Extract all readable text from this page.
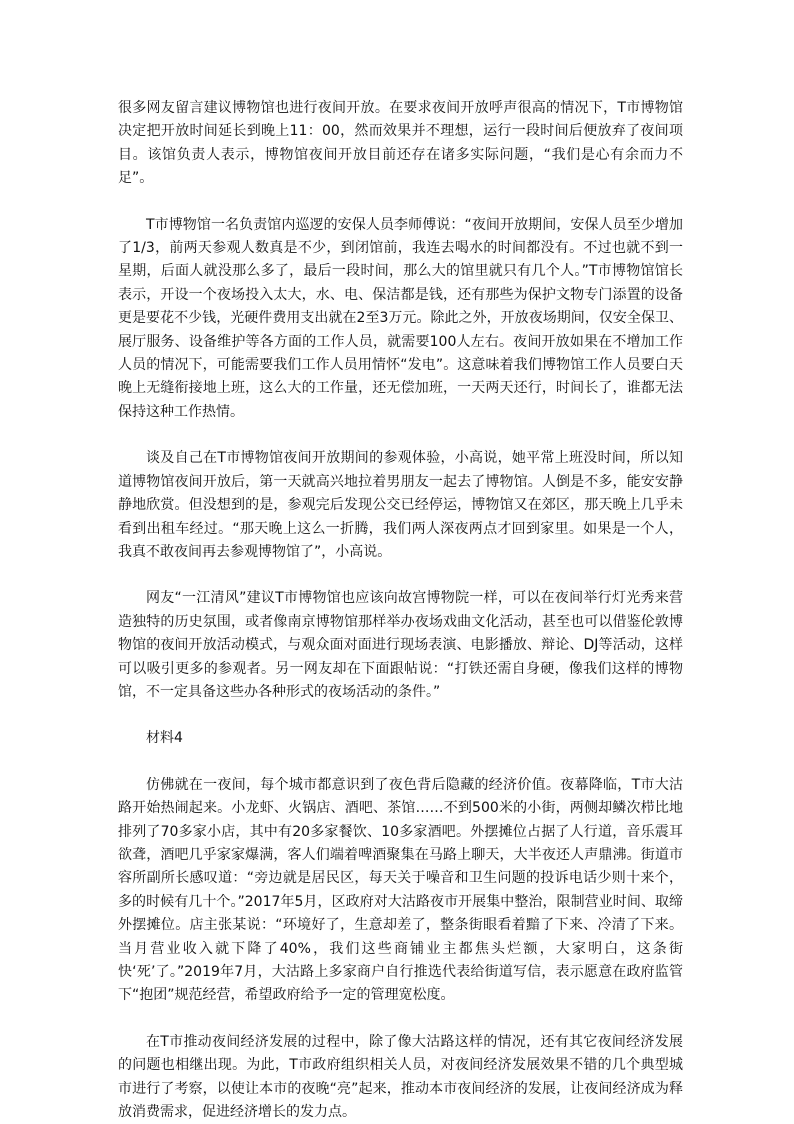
很多网友留言建议博物馆也进行夜间开放。在要求夜间开放呼声很高的情况下，T市博物馆决定把开放时间延长到晚上11：00，然而效果并不理想，运行一段时间后便放弃了夜间项目。该馆负责人表示，博物馆夜间开放目前还存在诸多实际问题，“我们是心有余而力不足”。

T市博物馆一名负责馆内巡逻的安保人员李师傅说：“夜间开放期间，安保人员至少增加了1/3，前两天参观人数真是不少，到闭馆前，我连去喝水的时间都没有。不过也就不到一星期，后面人就没那么多了，最后一段时间，那么大的馆里就只有几个人。”T市博物馆馆长表示，开设一个夜场投入太大，水、电、保洁都是钱，还有那些为保护文物专门添置的设备更是要花不少钱，光硬件费用支出就在2至3万元。除此之外，开放夜场期间，仅安全保卫、展厅服务、设备维护等各方面的工作人员，就需要100人左右。夜间开放如果在不增加工作人员的情况下，可能需要我们工作人员用情怀“发电”。这意味着我们博物馆工作人员要白天晚上无缝衔接地上班，这么大的工作量，还无偿加班，一天两天还行，时间长了，谁都无法保持这种工作热情。

谈及自己在T市博物馆夜间开放期间的参观体验，小高说，她平常上班没时间，所以知道博物馆夜间开放后，第一天就高兴地拉着男朋友一起去了博物馆。人倒是不多，能安安静静地欣赏。但没想到的是，参观完后发现公交已经停运，博物馆又在郊区，那天晚上几乎未看到出租车经过。“那天晚上这么一折腾，我们两人深夜两点才回到家里。如果是一个人，我真不敢夜间再去参观博物馆了”，小高说。

网友“一江清风”建议T市博物馆也应该向故宫博物院一样，可以在夜间举行灯光秀来营造独特的历史氛围，或者像南京博物馆那样举办夜场戏曲文化活动，甚至也可以借鉴伦敦博物馆的夜间开放活动模式，与观众面对面进行现场表演、电影播放、辩论、DJ等活动，这样可以吸引更多的参观者。另一网友却在下面跟帖说：“打铁还需自身硬，像我们这样的博物馆，不一定具备这些办各种形式的夜场活动的条件。”

材料4

仿佛就在一夜间，每个城市都意识到了夜色背后隐藏的经济价值。夜幕降临，T市大沽路开始热闹起来。小龙虾、火锅店、酒吧、茶馆……不到500米的小街，两侧却鳞次栉比地排列了70多家小店，其中有20多家餐饮、10多家酒吧。外摆摊位占据了人行道，音乐震耳欲聋，酒吧几乎家家爆满，客人们端着啤酒聚集在马路上聊天，大半夜还人声鼎沸。街道市容所副所长感叹道：“旁边就是居民区，每天关于噪音和卫生问题的投诉电话少则十来个，多的时候有几十个。”2017年5月，区政府对大沽路夜市开展集中整治，限制营业时间、取缔外摆摊位。店主张某说：“环境好了，生意却差了，整条街眼看着黯了下来、冷清了下来。当月营业收入就下降了40%，我们这些商铺业主都焦头烂额，大家明白，这条街快‘死’了。”2019年7月，大沽路上多家商户自行推选代表给街道写信，表示愿意在政府监管下“抱团”规范经营，希望政府给予一定的管理宽松度。

在T市推动夜间经济发展的过程中，除了像大沽路这样的情况，还有其它夜间经济发展的问题也相继出现。为此，T市政府组织相关人员，对夜间经济发展效果不错的几个典型城市进行了考察，以使让本市的夜晚“亮”起来，推动本市夜间经济的发展，让夜间经济成为释放消费需求，促进经济增长的发力点。
